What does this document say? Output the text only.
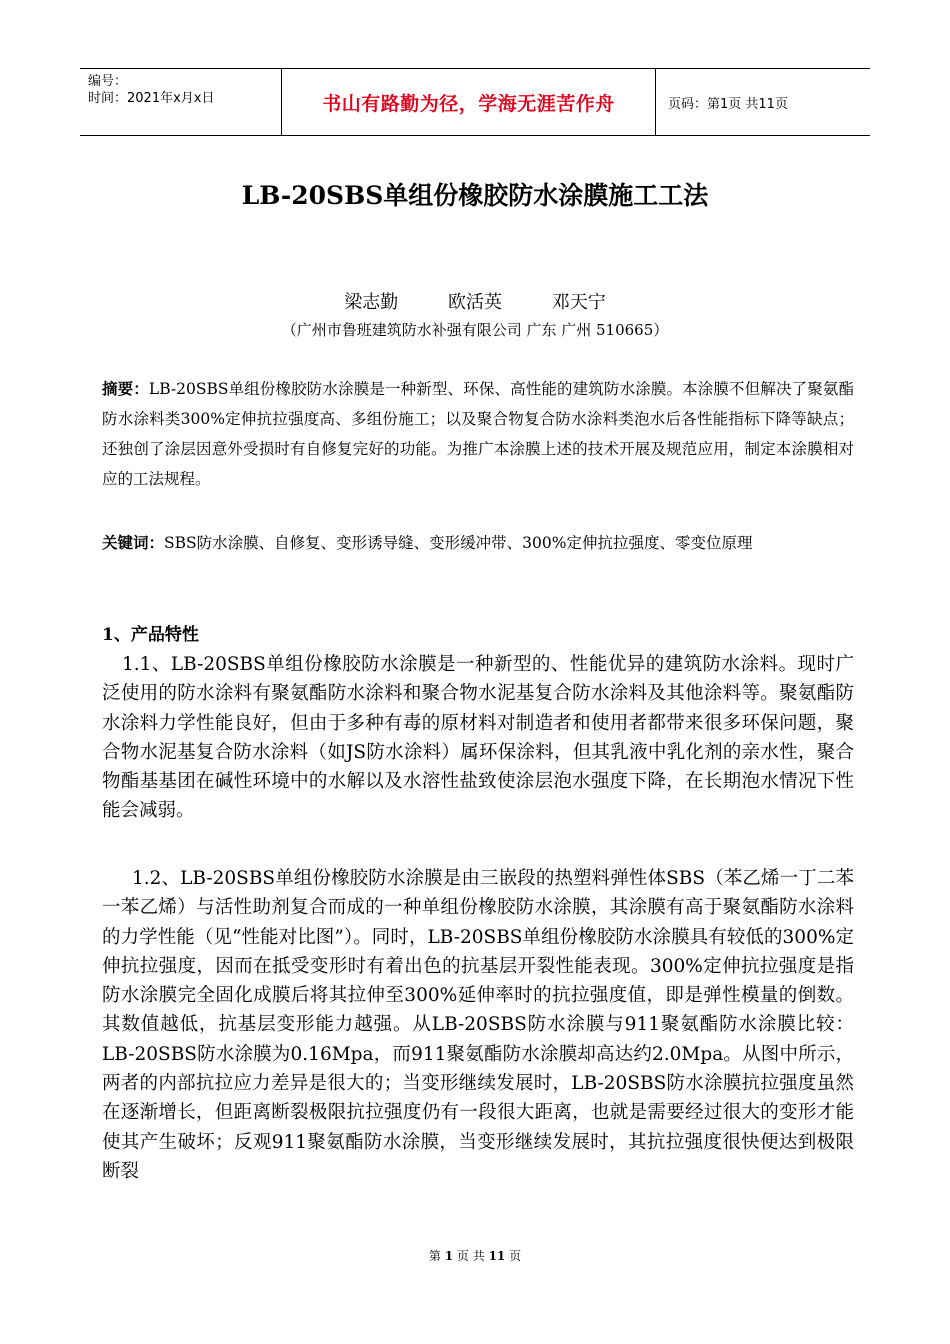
编号：
时间：2021年x月x日	书山有路勤为径，学海无涯苦作舟	页码：第1页 共11页
LB-20SBS单组份橡胶防水涂膜施工工法
梁志勤	欧活英	邓天宁
（广州市鲁班建筑防水补强有限公司 广东 广州 510665）
摘要：LB-20SBS单组份橡胶防水涂膜是一种新型、环保、高性能的建筑防水涂膜。本涂膜不但解决了聚氨酯防水涂料类300%定伸抗拉强度高、多组份施工；以及聚合物复合防水涂料类泡水后各性能指标下降等缺点；还独创了涂层因意外受损时有自修复完好的功能。为推广本涂膜上述的技术开展及规范应用，制定本涂膜相对应的工法规程。
关键词：SBS防水涂膜、自修复、变形诱导缝、变形缓冲带、300%定伸抗拉强度、零变位原理
1、产品特性
1.1、LB-20SBS单组份橡胶防水涂膜是一种新型的、性能优异的建筑防水涂料。现时广泛使用的防水涂料有聚氨酯防水涂料和聚合物水泥基复合防水涂料及其他涂料等。聚氨酯防水涂料力学性能良好，但由于多种有毒的原材料对制造者和使用者都带来很多环保问题，聚合物水泥基复合防水涂料（如JS防水涂料）属环保涂料，但其乳液中乳化剂的亲水性，聚合物酯基基团在碱性环境中的水解以及水溶性盐致使涂层泡水强度下降，在长期泡水情况下性能会减弱。
1.2、LB-20SBS单组份橡胶防水涂膜是由三嵌段的热塑料弹性体SBS（苯乙烯一丁二苯一苯乙烯）与活性助剂复合而成的一种单组份橡胶防水涂膜，其涂膜有高于聚氨酯防水涂料的力学性能（见“性能对比图”）。同时，LB-20SBS单组份橡胶防水涂膜具有较低的300%定伸抗拉强度，因而在抵受变形时有着出色的抗基层开裂性能表现。300%定伸抗拉强度是指防水涂膜完全固化成膜后将其拉伸至300%延伸率时的抗拉强度值，即是弹性模量的倒数。其数值越低，抗基层变形能力越强。从LB-20SBS防水涂膜与911聚氨酯防水涂膜比较：LB-20SBS防水涂膜为0.16Mpa，而911聚氨酯防水涂膜却高达约2.0Mpa。从图中所示，两者的内部抗拉应力差异是很大的；当变形继续发展时，LB-20SBS防水涂膜抗拉强度虽然在逐渐增长，但距离断裂极限抗拉强度仍有一段很大距离，也就是需要经过很大的变形才能使其产生破坏；反观911聚氨酯防水涂膜，当变形继续发展时，其抗拉强度很快便达到极限断裂
第 1 页 共 11 页
